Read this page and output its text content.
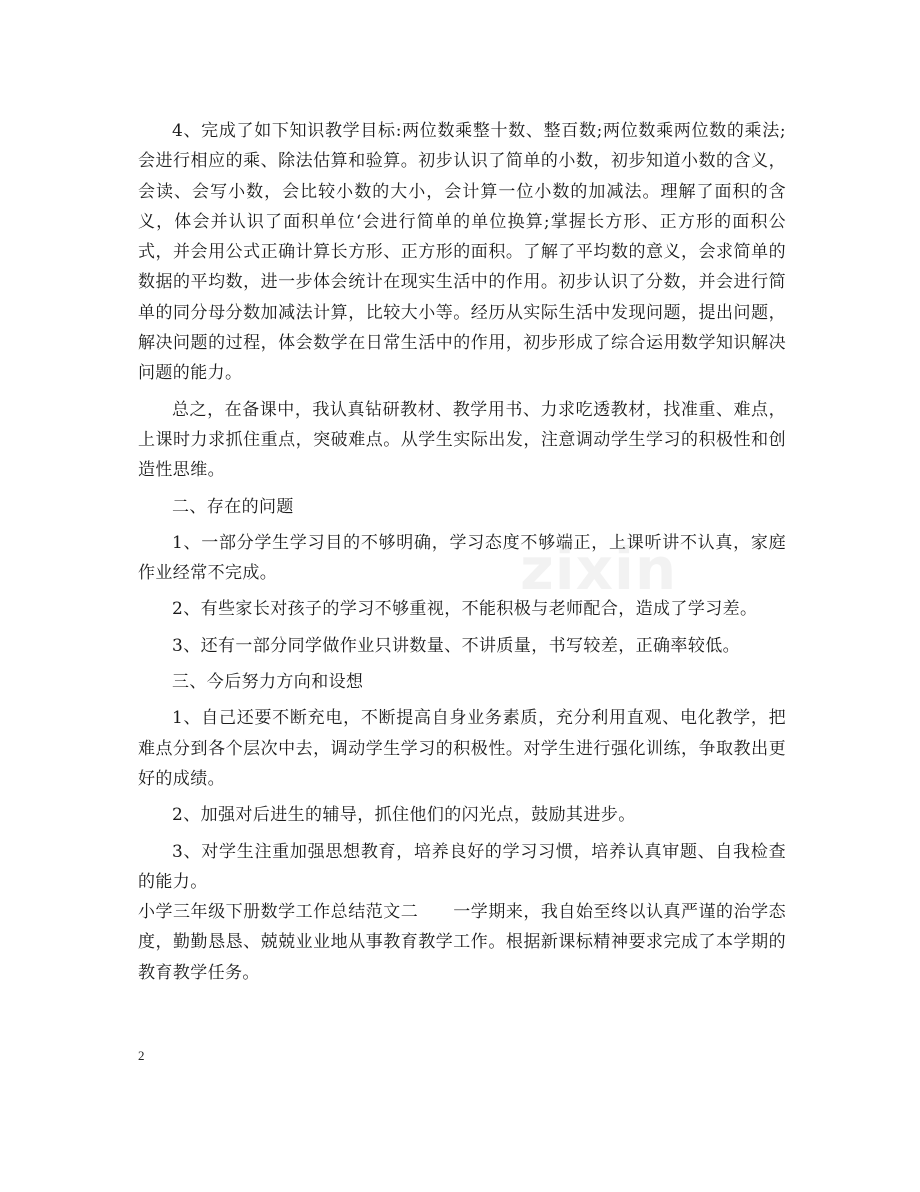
zixin

4、完成了如下知识教学目标:两位数乘整十数、整百数;两位数乘两位数的乘法;会进行相应的乘、除法估算和验算。初步认识了简单的小数，初步知道小数的含义，会读、会写小数，会比较小数的大小，会计算一位小数的加减法。理解了面积的含义，体会并认识了面积单位‘会进行简单的单位换算;掌握长方形、正方形的面积公式，并会用公式正确计算长方形、正方形的面积。了解了平均数的意义，会求简单的数据的平均数，进一步体会统计在现实生活中的作用。初步认识了分数，并会进行简单的同分母分数加减法计算，比较大小等。经历从实际生活中发现问题，提出问题，解决问题的过程，体会数学在日常生活中的作用，初步形成了综合运用数学知识解决问题的能力。

总之，在备课中，我认真钻研教材、教学用书、力求吃透教材，找准重、难点，上课时力求抓住重点，突破难点。从学生实际出发，注意调动学生学习的积极性和创造性思维。

二、存在的问题

1、一部分学生学习目的不够明确，学习态度不够端正，上课听讲不认真，家庭作业经常不完成。

2、有些家长对孩子的学习不够重视，不能积极与老师配合，造成了学习差。

3、还有一部分同学做作业只讲数量、不讲质量，书写较差，正确率较低。

三、今后努力方向和设想

1、自己还要不断充电，不断提高自身业务素质，充分利用直观、电化教学，把难点分到各个层次中去，调动学生学习的积极性。对学生进行强化训练，争取教出更好的成绩。

2、加强对后进生的辅导，抓住他们的闪光点，鼓励其进步。

3、对学生注重加强思想教育，培养良好的学习习惯，培养认真审题、自我检查的能力。

小学三年级下册数学工作总结范文二　　一学期来，我自始至终以认真严谨的治学态度，勤勤恳恳、兢兢业业地从事教育教学工作。根据新课标精神要求完成了本学期的教育教学任务。

2
